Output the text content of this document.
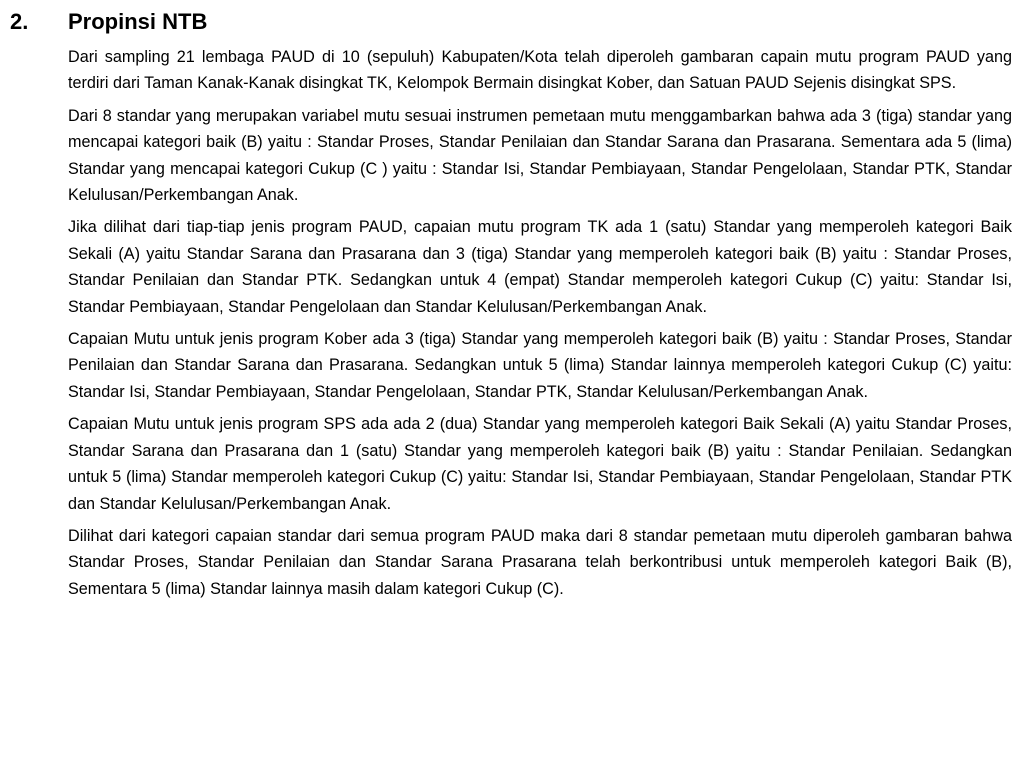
2.	Propinsi NTB

Dari sampling 21 lembaga PAUD di 10 (sepuluh) Kabupaten/Kota telah diperoleh gambaran capain mutu program PAUD yang terdiri dari Taman Kanak-Kanak disingkat TK, Kelompok Bermain disingkat Kober, dan Satuan PAUD Sejenis disingkat SPS.

Dari 8 standar yang merupakan variabel mutu sesuai instrumen pemetaan mutu menggambarkan bahwa ada 3 (tiga) standar yang mencapai kategori baik (B) yaitu : Standar Proses, Standar Penilaian dan Standar Sarana dan Prasarana. Sementara ada 5 (lima) Standar yang mencapai kategori Cukup (C ) yaitu : Standar Isi, Standar Pembiayaan, Standar Pengelolaan, Standar PTK, Standar Kelulusan/Perkembangan Anak.

Jika dilihat dari tiap-tiap jenis program PAUD, capaian mutu program TK ada 1 (satu) Standar yang memperoleh kategori Baik Sekali (A) yaitu Standar Sarana dan Prasarana dan 3 (tiga) Standar yang memperoleh kategori baik (B) yaitu : Standar Proses, Standar Penilaian dan Standar PTK. Sedangkan untuk 4 (empat) Standar memperoleh kategori Cukup (C) yaitu: Standar Isi, Standar Pembiayaan, Standar Pengelolaan dan Standar Kelulusan/Perkembangan Anak.

Capaian Mutu untuk jenis program Kober ada 3 (tiga) Standar yang memperoleh kategori baik (B) yaitu : Standar Proses, Standar Penilaian dan Standar Sarana dan Prasarana. Sedangkan untuk 5 (lima) Standar lainnya memperoleh kategori Cukup (C) yaitu: Standar Isi, Standar Pembiayaan, Standar Pengelolaan, Standar PTK, Standar Kelulusan/Perkembangan Anak.

Capaian Mutu untuk jenis program SPS ada ada 2 (dua) Standar yang memperoleh kategori Baik Sekali (A) yaitu Standar Proses, Standar Sarana dan Prasarana dan 1 (satu) Standar yang memperoleh kategori baik (B) yaitu : Standar Penilaian. Sedangkan untuk 5 (lima) Standar memperoleh kategori Cukup (C) yaitu: Standar Isi, Standar Pembiayaan, Standar Pengelolaan, Standar PTK dan Standar Kelulusan/Perkembangan Anak.

Dilihat dari kategori capaian standar dari semua program PAUD maka dari 8 standar pemetaan mutu diperoleh gambaran bahwa Standar Proses, Standar Penilaian dan Standar Sarana Prasarana telah berkontribusi untuk memperoleh kategori Baik (B), Sementara 5 (lima) Standar lainnya masih dalam kategori Cukup (C).
